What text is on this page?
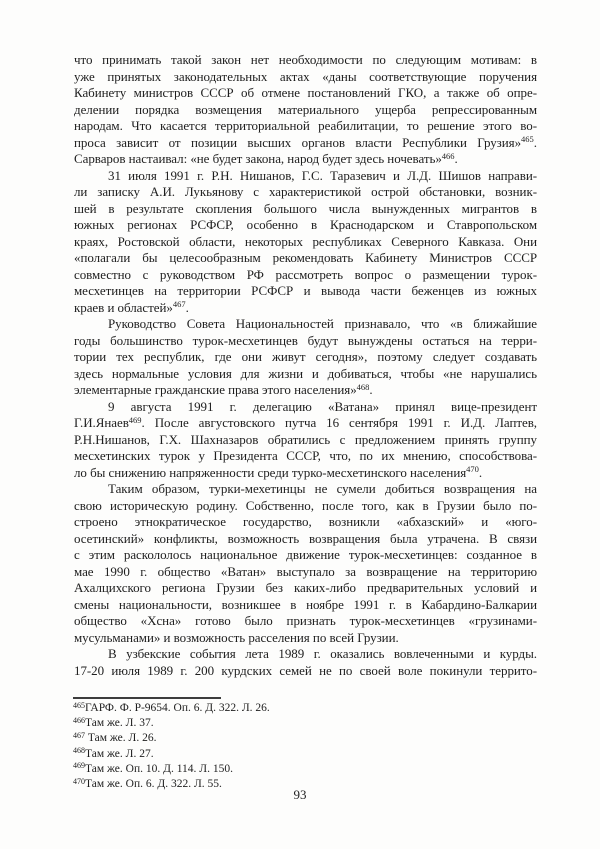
что принимать такой закон нет необходимости по следующим мотивам: в
уже принятых законодательных актах «даны соответствующие поручения
Кабинету министров СССР об отмене постановлений ГКО, а также об опре-
делении порядка возмещения материального ущерба репрессированным
народам. Что касается территориальной реабилитации, то решение этого во-
проса зависит от позиции высших органов власти Республики Грузия»$^{465}$.
Сарваров настаивал: «не будет закона, народ будет здесь ночевать»$^{466}$.
31 июля 1991 г. Р.Н. Нишанов, Г.С. Таразевич и Л.Д. Шишов направи-
ли записку А.И. Лукьянову с характеристикой острой обстановки, возник-
шей в результате скопления большого числа вынужденных мигрантов в
южных регионах РСФСР, особенно в Краснодарском и Ставропольском
краях, Ростовской области, некоторых республиках Северного Кавказа. Они
«полагали бы целесообразным рекомендовать Кабинету Министров СССР
совместно с руководством РФ рассмотреть вопрос о размещении турок-
месхетинцев на территории РСФСР и вывода части беженцев из южных
краев и областей»$^{467}$.
Руководство Совета Национальностей признавало, что «в ближайшие
годы большинство турок-месхетинцев будут вынуждены остаться на терри-
тории тех республик, где они живут сегодня», поэтому следует создавать
здесь нормальные условия для жизни и добиваться, чтобы «не нарушались
элементарные гражданские права этого населения»$^{468}$.
9 августа 1991 г. делегацию «Ватана» принял вице-президент
Г.И.Янаев$^{469}$. После августовского путча 16 сентября 1991 г. И.Д. Лаптев,
Р.Н.Нишанов, Г.Х. Шахназаров обратились с предложением принять группу
месхетинских турок у Президента СССР, что, по их мнению, способствова-
ло бы снижению напряженности среди турко-месхетинского населения$^{470}$.
Таким образом, турки-мехетинцы не сумели добиться возвращения на
свою историческую родину. Собственно, после того, как в Грузии было по-
строено этнократическое государство, возникли «абхазский» и «юго-
осетинский» конфликты, возможность возвращения была утрачена. В связи
с этим раскололось национальное движение турок-месхетинцев: созданное в
мае 1990 г. общество «Ватан» выступало за возвращение на территорию
Ахалцихского региона Грузии без каких-либо предварительных условий и
смены национальности, возникшее в ноябре 1991 г. в Кабардино-Балкарии
общество «Хсна» готово было признать турок-месхетинцев «грузинами-
мусульманами» и возможность расселения по всей Грузии.
В узбекские события лета 1989 г. оказались вовлеченными и курды.
17-20 июля 1989 г. 200 курдских семей не по своей воле покинули террито-
$^{465}$ГАРФ. Ф. Р-9654. Оп. 6. Д. 322. Л. 26.
$^{466}$Там же. Л. 37.
$^{467}$ Там же. Л. 26.
$^{468}$Там же. Л. 27.
$^{469}$Там же. Оп. 10. Д. 114. Л. 150.
$^{470}$Там же. Оп. 6. Д. 322. Л. 55.
93
